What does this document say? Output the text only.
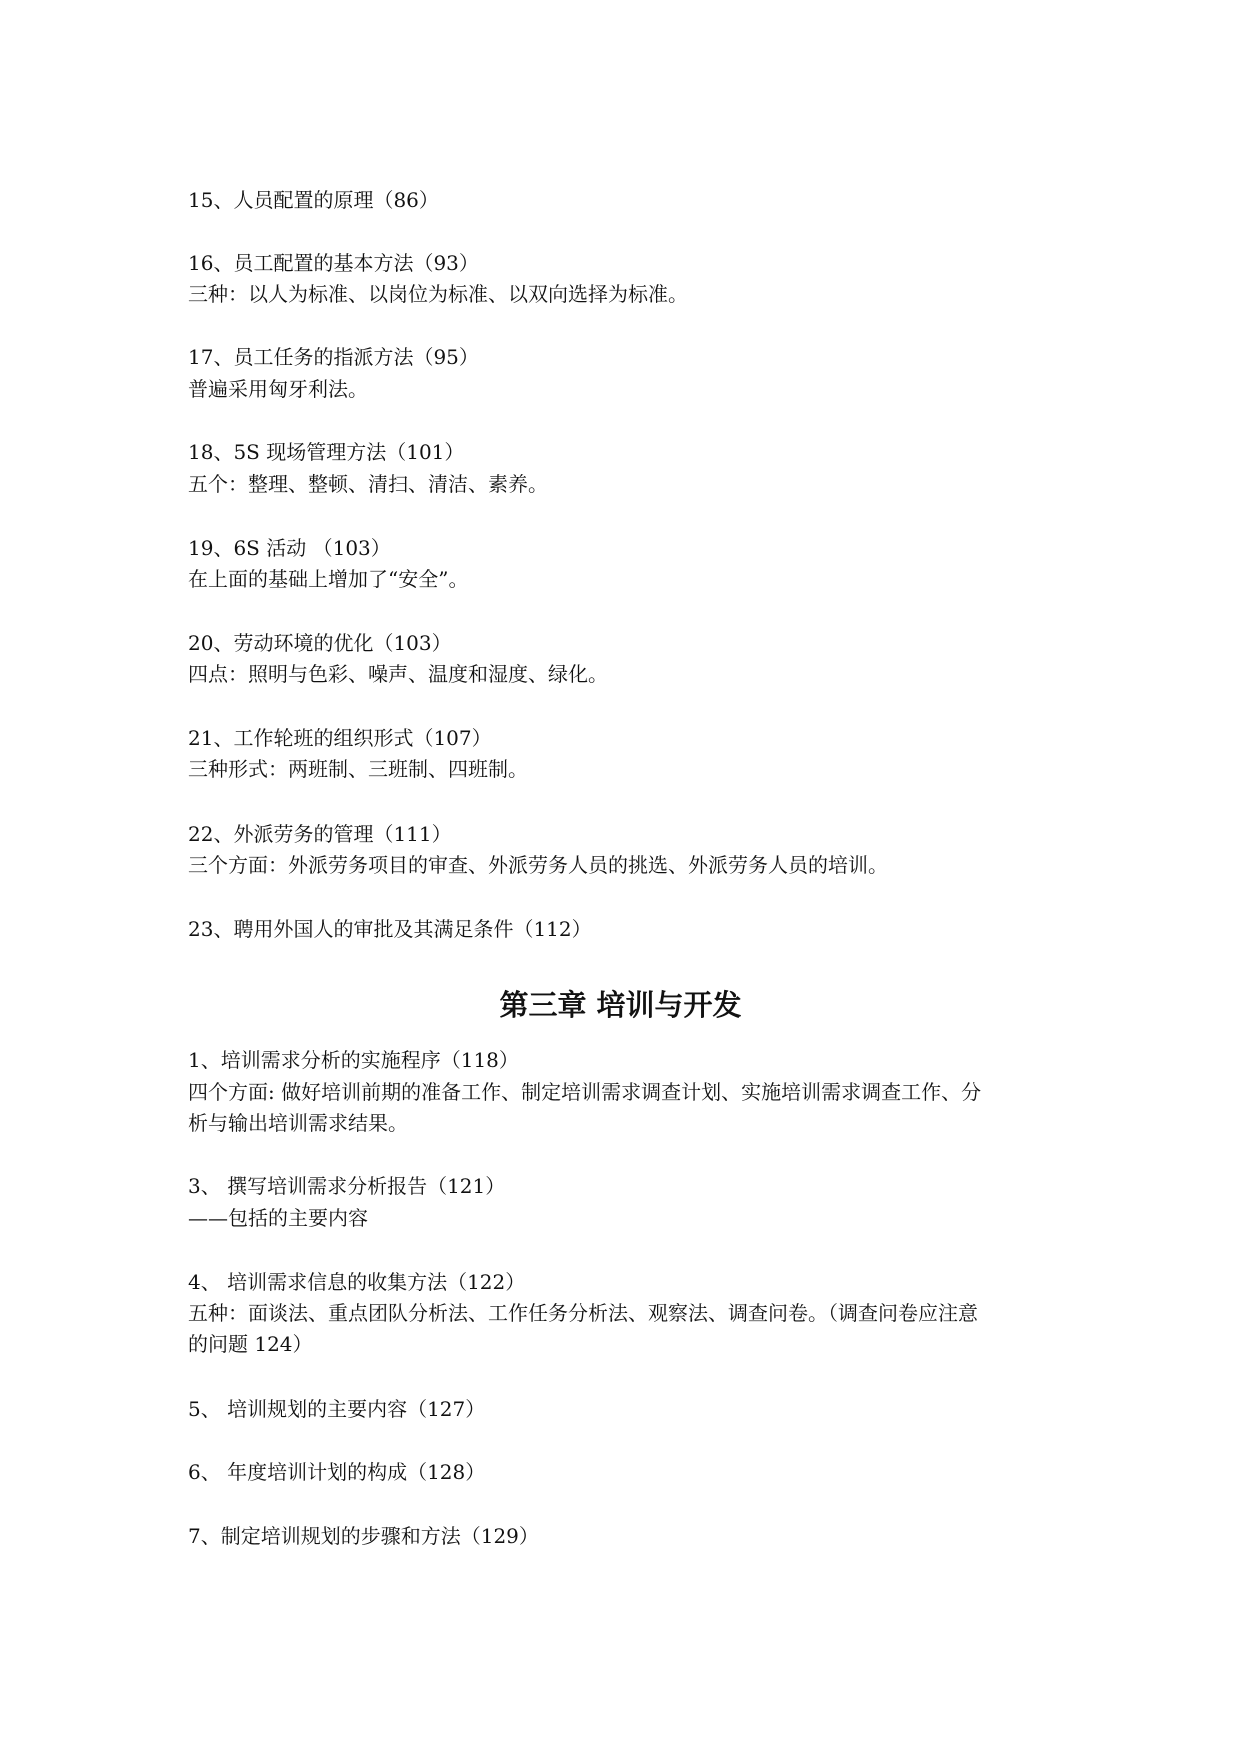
15、人员配置的原理（86）
16、员工配置的基本方法（93）
三种：以人为标准、以岗位为标准、以双向选择为标准。
17、员工任务的指派方法（95）
普遍采用匈牙利法。
18、5S 现场管理方法（101）
五个：整理、整顿、清扫、清洁、素养。
19、6S 活动 （103）
在上面的基础上增加了“安全”。
20、劳动环境的优化（103）
四点：照明与色彩、噪声、温度和湿度、绿化。
21、工作轮班的组织形式（107）
三种形式：两班制、三班制、四班制。
22、外派劳务的管理（111）
三个方面：外派劳务项目的审查、外派劳务人员的挑选、外派劳务人员的培训。
23、聘用外国人的审批及其满足条件（112）
第三章 培训与开发
1、培训需求分析的实施程序（118）
四个方面: 做好培训前期的准备工作、制定培训需求调查计划、实施培训需求调查工作、分
析与输出培训需求结果。
3、 撰写培训需求分析报告（121）
——包括的主要内容
4、 培训需求信息的收集方法（122）
五种：面谈法、重点团队分析法、工作任务分析法、观察法、调查问卷。（调查问卷应注意
的问题 124）
5、 培训规划的主要内容（127）
6、 年度培训计划的构成（128）
7、制定培训规划的步骤和方法（129）
